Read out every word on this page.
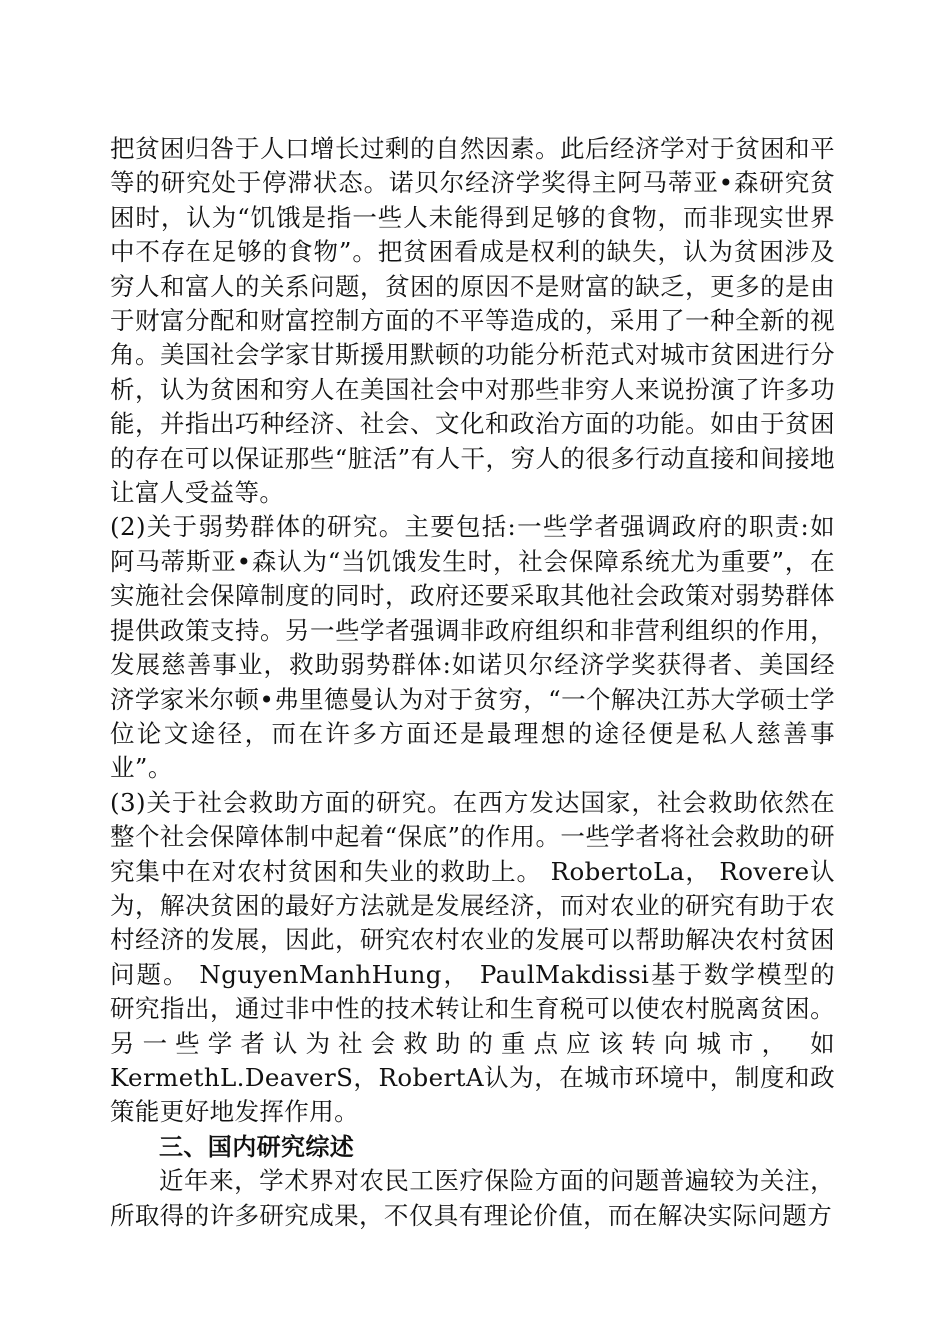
把贫困归咎于人口增长过剩的自然因素。此后经济学对于贫困和平等的研究处于停滞状态。诺贝尔经济学奖得主阿马蒂亚•森研究贫困时，认为“饥饿是指一些人未能得到足够的食物，而非现实世界中不存在足够的食物”。把贫困看成是权利的缺失，认为贫困涉及穷人和富人的关系问题，贫困的原因不是财富的缺乏，更多的是由于财富分配和财富控制方面的不平等造成的，采用了一种全新的视角。美国社会学家甘斯援用默顿的功能分析范式对城市贫困进行分析，认为贫困和穷人在美国社会中对那些非穷人来说扮演了许多功能，并指出巧种经济、社会、文化和政治方面的功能。如由于贫困的存在可以保证那些“脏活”有人干，穷人的很多行动直接和间接地让富人受益等。

(2)关于弱势群体的研究。主要包括:一些学者强调政府的职责:如阿马蒂斯亚•森认为“当饥饿发生时，社会保障系统尤为重要”，在实施社会保障制度的同时，政府还要采取其他社会政策对弱势群体提供政策支持。另一些学者强调非政府组织和非营利组织的作用，发展慈善事业，救助弱势群体:如诺贝尔经济学奖获得者、美国经济学家米尔顿•弗里德曼认为对于贫穷，“一个解决江苏大学硕士学位论文途径，而在许多方面还是最理想的途径便是私人慈善事业”。

(3)关于社会救助方面的研究。在西方发达国家，社会救助依然在整个社会保障体制中起着“保底”的作用。一些学者将社会救助的研究集中在对农村贫困和失业的救助上。 RobertoLa， Rovere认为，解决贫困的最好方法就是发展经济，而对农业的研究有助于农村经济的发展，因此，研究农村农业的发展可以帮助解决农村贫困问题。 NguyenManhHung， PaulMakdissi基于数学模型的研究指出，通过非中性的技术转让和生育税可以使农村脱离贫困。另一些学者认为社会救助的重点应该转向城市， 如KermethL.DeaverS，RobertA认为，在城市环境中，制度和政策能更好地发挥作用。

三、国内研究综述

近年来，学术界对农民工医疗保险方面的问题普遍较为关注，所取得的许多研究成果，不仅具有理论价值，而在解决实际问题方
